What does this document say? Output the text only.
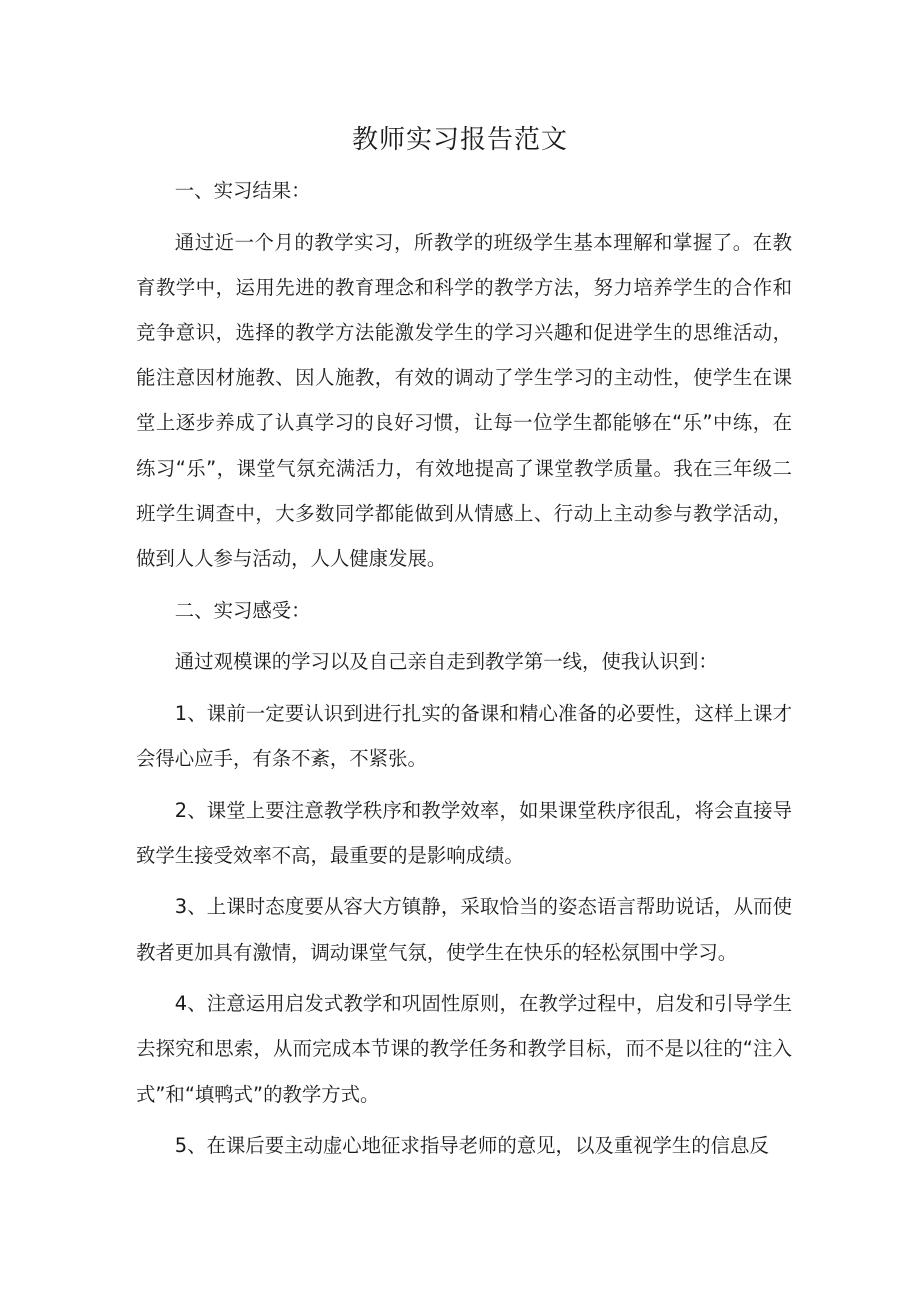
教师实习报告范文

一、实习结果：

通过近一个月的教学实习，所教学的班级学生基本理解和掌握了。在教育教学中，运用先进的教育理念和科学的教学方法，努力培养学生的合作和竞争意识，选择的教学方法能激发学生的学习兴趣和促进学生的思维活动，能注意因材施教、因人施教，有效的调动了学生学习的主动性，使学生在课堂上逐步养成了认真学习的良好习惯，让每一位学生都能够在“乐”中练，在练习“乐”，课堂气氛充满活力，有效地提高了课堂教学质量。我在三年级二班学生调查中，大多数同学都能做到从情感上、行动上主动参与教学活动，做到人人参与活动，人人健康发展。

二、实习感受：

通过观模课的学习以及自己亲自走到教学第一线，使我认识到：

1、课前一定要认识到进行扎实的备课和精心准备的必要性，这样上课才会得心应手，有条不紊，不紧张。

2、课堂上要注意教学秩序和教学效率，如果课堂秩序很乱，将会直接导致学生接受效率不高，最重要的是影响成绩。

3、上课时态度要从容大方镇静，采取恰当的姿态语言帮助说话，从而使教者更加具有激情，调动课堂气氛，使学生在快乐的轻松氛围中学习。

4、注意运用启发式教学和巩固性原则，在教学过程中，启发和引导学生去探究和思索，从而完成本节课的教学任务和教学目标，而不是以往的“注入式”和“填鸭式”的教学方式。

5、在课后要主动虚心地征求指导老师的意见，以及重视学生的信息反
